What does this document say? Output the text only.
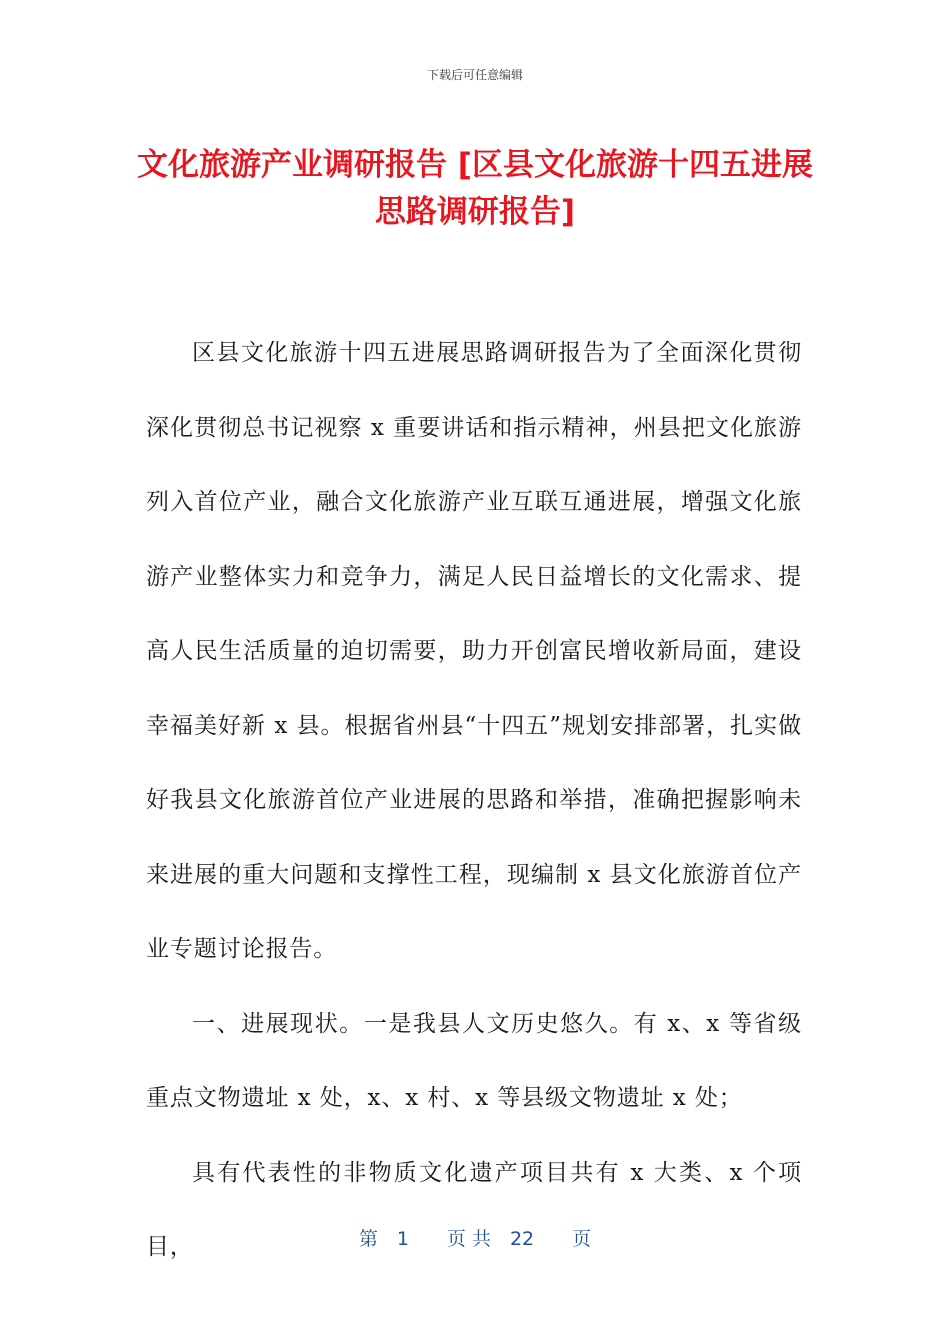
下载后可任意编辑
文化旅游产业调研报告 [区县文化旅游十四五进展思路调研报告]

区县文化旅游十四五进展思路调研报告为了全面深化贯彻深化贯彻总书记视察 x 重要讲话和指示精神，州县把文化旅游列入首位产业，融合文化旅游产业互联互通进展，增强文化旅游产业整体实力和竞争力，满足人民日益增长的文化需求、提高人民生活质量的迫切需要，助力开创富民增收新局面，建设幸福美好新 x 县。根据省州县“十四五”规划安排部署，扎实做好我县文化旅游首位产业进展的思路和举措，准确把握影响未来进展的重大问题和支撑性工程，现编制 x 县文化旅游首位产业专题讨论报告。

一、进展现状。一是我县人文历史悠久。有 x、x 等省级重点文物遗址 x 处，x、x 村、x 等县级文物遗址 x 处；

具有代表性的非物质文化遗产项目共有 x 大类、x 个项目，	第　1　　页 共　22　　页
